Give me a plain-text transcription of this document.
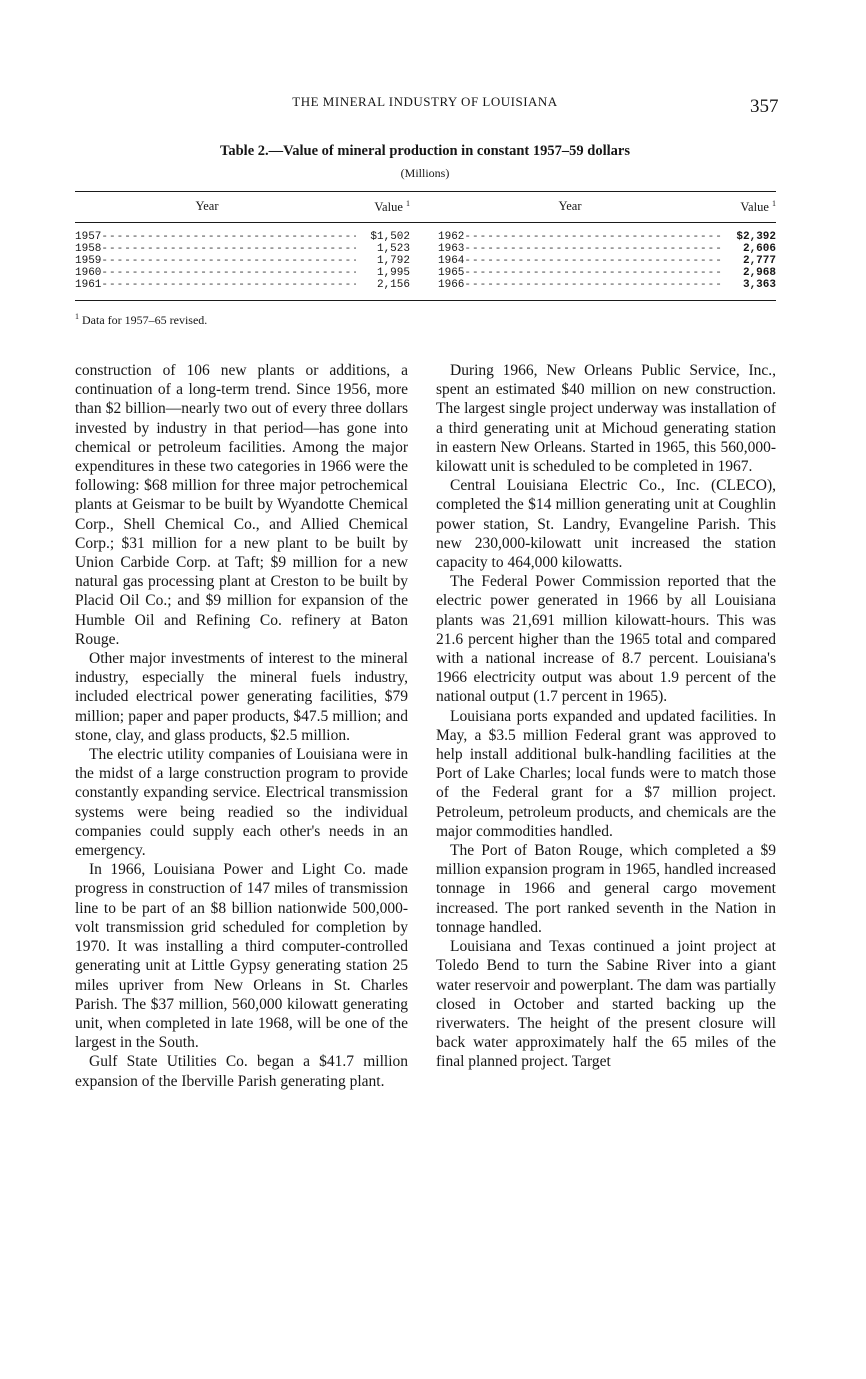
THE MINERAL INDUSTRY OF LOUISIANA	357
Table 2.—Value of mineral production in constant 1957–59 dollars
(Millions)
Year	Value $^1$	Year	Value $^1$
1957 -----	$1,502
1958 -----	1,523
1959 -----	1,792
1960 -----	1,995
1961 -----	2,156
1962 -----	$2,392
1963 -----	2,606
1964 -----	2,777
1965 -----	2,968
1966 -----	3,363
$^1$ Data for 1957–65 revised.

construction of 106 new plants or additions, a continuation of a long-term trend. Since 1956, more than $2 billion—nearly two out of every three dollars invested by industry in that period—has gone into chemical or petroleum facilities. Among the major expenditures in these two categories in 1966 were the following: $68 million for three major petrochemical plants at Geismar to be built by Wyandotte Chemical Corp., Shell Chemical Co., and Allied Chemical Corp.; $31 million for a new plant to be built by Union Carbide Corp. at Taft; $9 million for a new natural gas processing plant at Creston to be built by Placid Oil Co.; and $9 million for expansion of the Humble Oil and Refining Co. refinery at Baton Rouge.

Other major investments of interest to the mineral industry, especially the mineral fuels industry, included electrical power generating facilities, $79 million; paper and paper products, $47.5 million; and stone, clay, and glass products, $2.5 million.

The electric utility companies of Louisiana were in the midst of a large construction program to provide constantly expanding service. Electrical transmission systems were being readied so the individual companies could supply each other's needs in an emergency.

In 1966, Louisiana Power and Light Co. made progress in construction of 147 miles of transmission line to be part of an $8 billion nationwide 500,000-volt transmission grid scheduled for completion by 1970. It was installing a third computer-controlled generating unit at Little Gypsy generating station 25 miles upriver from New Orleans in St. Charles Parish. The $37 million, 560,000 kilowatt generating unit, when completed in late 1968, will be one of the largest in the South.

Gulf State Utilities Co. began a $41.7 million expansion of the Iberville Parish generating plant.

During 1966, New Orleans Public Service, Inc., spent an estimated $40 million on new construction. The largest single project underway was installation of a third generating unit at Michoud generating station in eastern New Orleans. Started in 1965, this 560,000-kilowatt unit is scheduled to be completed in 1967.

Central Louisiana Electric Co., Inc. (CLECO), completed the $14 million generating unit at Coughlin power station, St. Landry, Evangeline Parish. This new 230,000-kilowatt unit increased the station capacity to 464,000 kilowatts.

The Federal Power Commission reported that the electric power generated in 1966 by all Louisiana plants was 21,691 million kilowatt-hours. This was 21.6 percent higher than the 1965 total and compared with a national increase of 8.7 percent. Louisiana's 1966 electricity output was about 1.9 percent of the national output (1.7 percent in 1965).

Louisiana ports expanded and updated facilities. In May, a $3.5 million Federal grant was approved to help install additional bulk-handling facilities at the Port of Lake Charles; local funds were to match those of the Federal grant for a $7 million project. Petroleum, petroleum products, and chemicals are the major commodities handled.

The Port of Baton Rouge, which completed a $9 million expansion program in 1965, handled increased tonnage in 1966 and general cargo movement increased. The port ranked seventh in the Nation in tonnage handled.

Louisiana and Texas continued a joint project at Toledo Bend to turn the Sabine River into a giant water reservoir and powerplant. The dam was partially closed in October and started backing up the riverwaters. The height of the present closure will back water approximately half the 65 miles of the final planned project. Target
